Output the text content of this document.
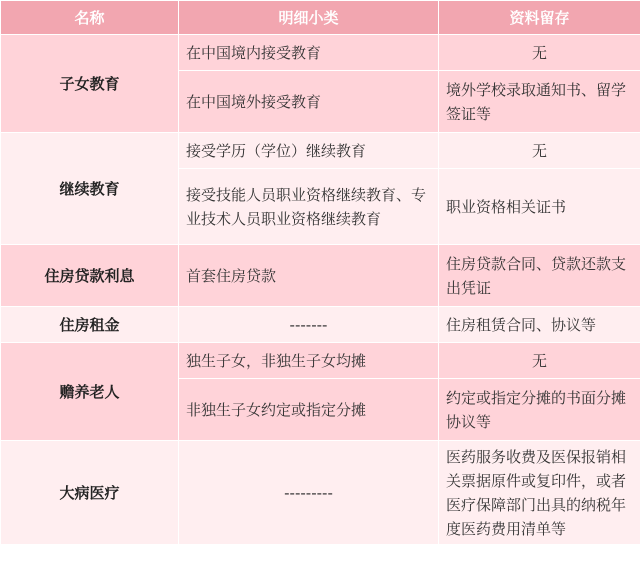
名称	明细小类	资料留存
子女教育	在中国境内接受教育	无
	在中国境外接受教育	境外学校录取通知书、留学签证等
继续教育	接受学历（学位）继续教育	无
	接受技能人员职业资格继续教育、专业技术人员职业资格继续教育	职业资格相关证书
住房贷款利息	首套住房贷款	住房贷款合同、贷款还款支出凭证
住房租金	-------	住房租赁合同、协议等
赡养老人	独生子女，非独生子女均摊	无
	非独生子女约定或指定分摊	约定或指定分摊的书面分摊协议等
大病医疗	---------	医药服务收费及医保报销相关票据原件或复印件，或者医疗保障部门出具的纳税年度医药费用清单等
